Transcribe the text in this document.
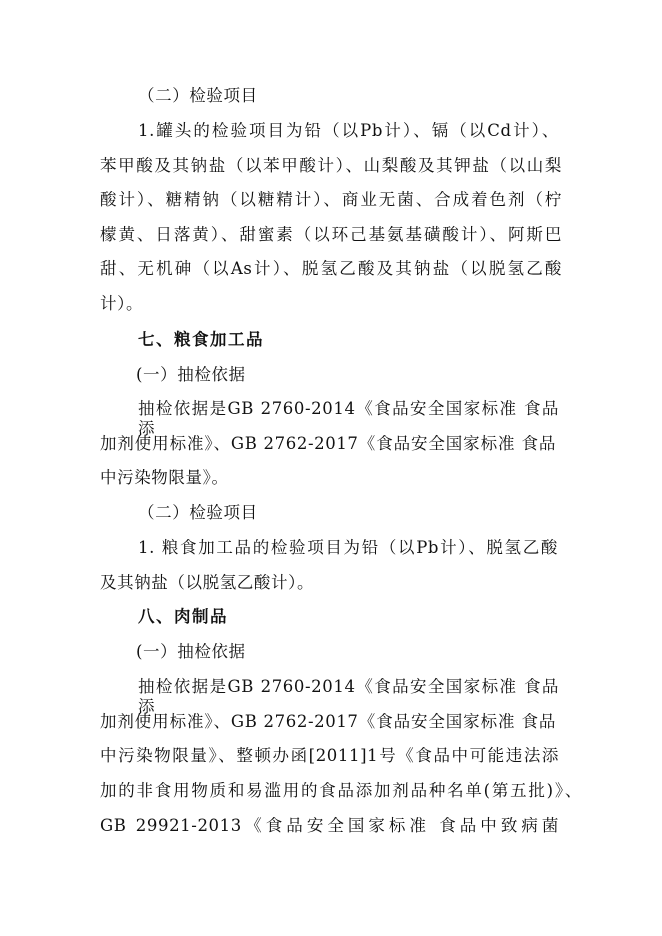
（二）检验项目
1.罐头的检验项目为铅（以Pb计）、镉（以Cd计）、
苯甲酸及其钠盐（以苯甲酸计）、山梨酸及其钾盐（以山梨
酸计）、糖精钠（以糖精计）、商业无菌、合成着色剂（柠
檬黄、日落黄）、甜蜜素（以环己基氨基磺酸计）、阿斯巴
甜、无机砷（以As计）、脱氢乙酸及其钠盐（以脱氢乙酸
计）。
七、粮食加工品
(一）抽检依据
抽检依据是GB 2760-2014《食品安全国家标准 食品添
加剂使用标准》、GB 2762-2017《食品安全国家标准 食品
中污染物限量》。
（二）检验项目
1. 粮食加工品的检验项目为铅（以Pb计）、脱氢乙酸
及其钠盐（以脱氢乙酸计）。
八、肉制品
(一）抽检依据
抽检依据是GB 2760-2014《食品安全国家标准 食品添
加剂使用标准》、GB 2762-2017《食品安全国家标准 食品
中污染物限量》、整顿办函[2011]1号《食品中可能违法添
加的非食用物质和易滥用的食品添加剂品种名单(第五批)》、
GB 29921-2013《食品安全国家标准 食品中致病菌
